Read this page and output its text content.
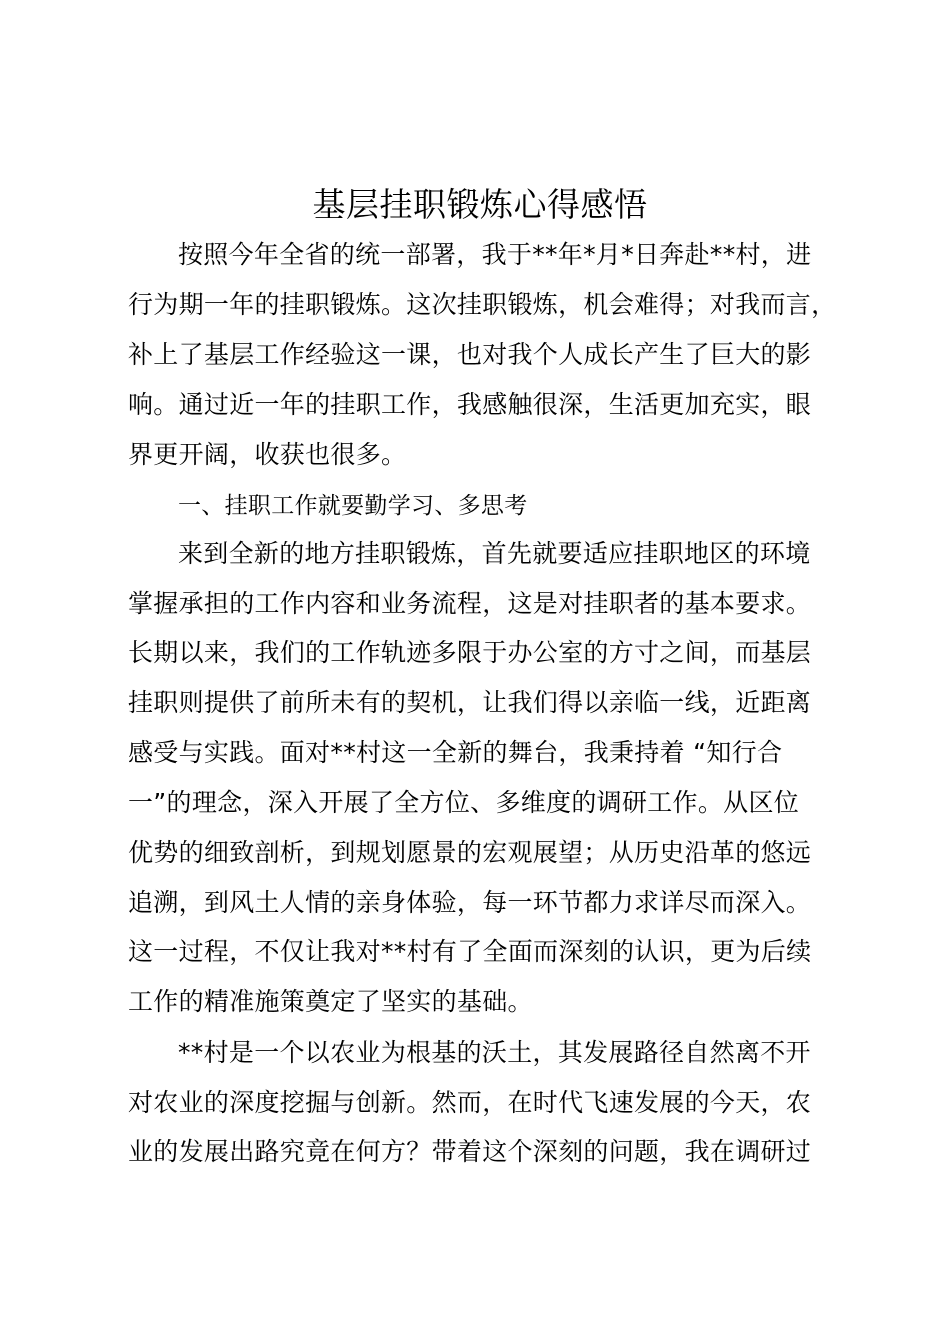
基层挂职锻炼心得感悟
按照今年全省的统一部署，我于**年*月*日奔赴**村，进
行为期一年的挂职锻炼。这次挂职锻炼，机会难得；对我而言，
补上了基层工作经验这一课，也对我个人成长产生了巨大的影
响。通过近一年的挂职工作，我感触很深，生活更加充实，眼
界更开阔，收获也很多。
一、挂职工作就要勤学习、多思考
来到全新的地方挂职锻炼，首先就要适应挂职地区的环境
掌握承担的工作内容和业务流程，这是对挂职者的基本要求。
长期以来，我们的工作轨迹多限于办公室的方寸之间，而基层
挂职则提供了前所未有的契机，让我们得以亲临一线，近距离
感受与实践。面对**村这一全新的舞台，我秉持着 “知行合
一”的理念，深入开展了全方位、多维度的调研工作。从区位
优势的细致剖析，到规划愿景的宏观展望；从历史沿革的悠远
追溯，到风土人情的亲身体验，每一环节都力求详尽而深入。
这一过程，不仅让我对**村有了全面而深刻的认识，更为后续
工作的精准施策奠定了坚实的基础。
**村是一个以农业为根基的沃土，其发展路径自然离不开
对农业的深度挖掘与创新。然而，在时代飞速发展的今天，农
业的发展出路究竟在何方？带着这个深刻的问题，我在调研过
